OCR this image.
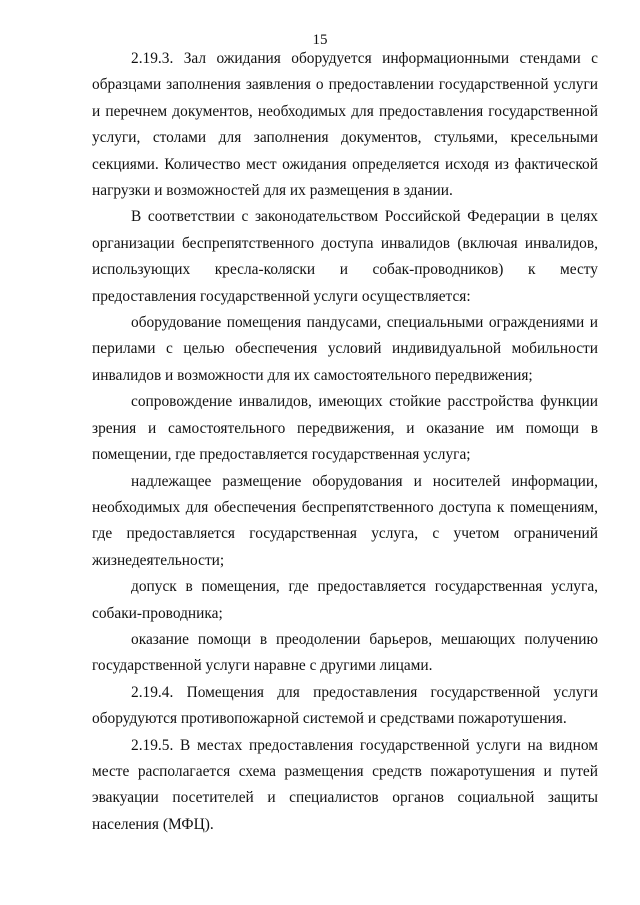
15

2.19.3. Зал ожидания оборудуется информационными стендами с образцами заполнения заявления о предоставлении государственной услуги и перечнем документов, необходимых для предоставления государственной услуги, столами для заполнения документов, стульями, кресельными секциями. Количество мест ожидания определяется исходя из фактической нагрузки и возможностей для их размещения в здании.

В соответствии с законодательством Российской Федерации в целях организации беспрепятственного доступа инвалидов (включая инвалидов, использующих кресла-коляски и собак-проводников) к месту предоставления государственной услуги осуществляется:

оборудование помещения пандусами, специальными ограждениями и перилами с целью обеспечения условий индивидуальной мобильности инвалидов и возможности для их самостоятельного передвижения;

сопровождение инвалидов, имеющих стойкие расстройства функции зрения и самостоятельного передвижения, и оказание им помощи в помещении, где предоставляется государственная услуга;

надлежащее размещение оборудования и носителей информации, необходимых для обеспечения беспрепятственного доступа к помещениям, где предоставляется государственная услуга, с учетом ограничений жизнедеятельности;

допуск в помещения, где предоставляется государственная услуга, собаки-проводника;

оказание помощи в преодолении барьеров, мешающих получению государственной услуги наравне с другими лицами.

2.19.4. Помещения для предоставления государственной услуги оборудуются противопожарной системой и средствами пожаротушения.

2.19.5. В местах предоставления государственной услуги на видном месте располагается схема размещения средств пожаротушения и путей эвакуации посетителей и специалистов органов социальной защиты населения (МФЦ).
